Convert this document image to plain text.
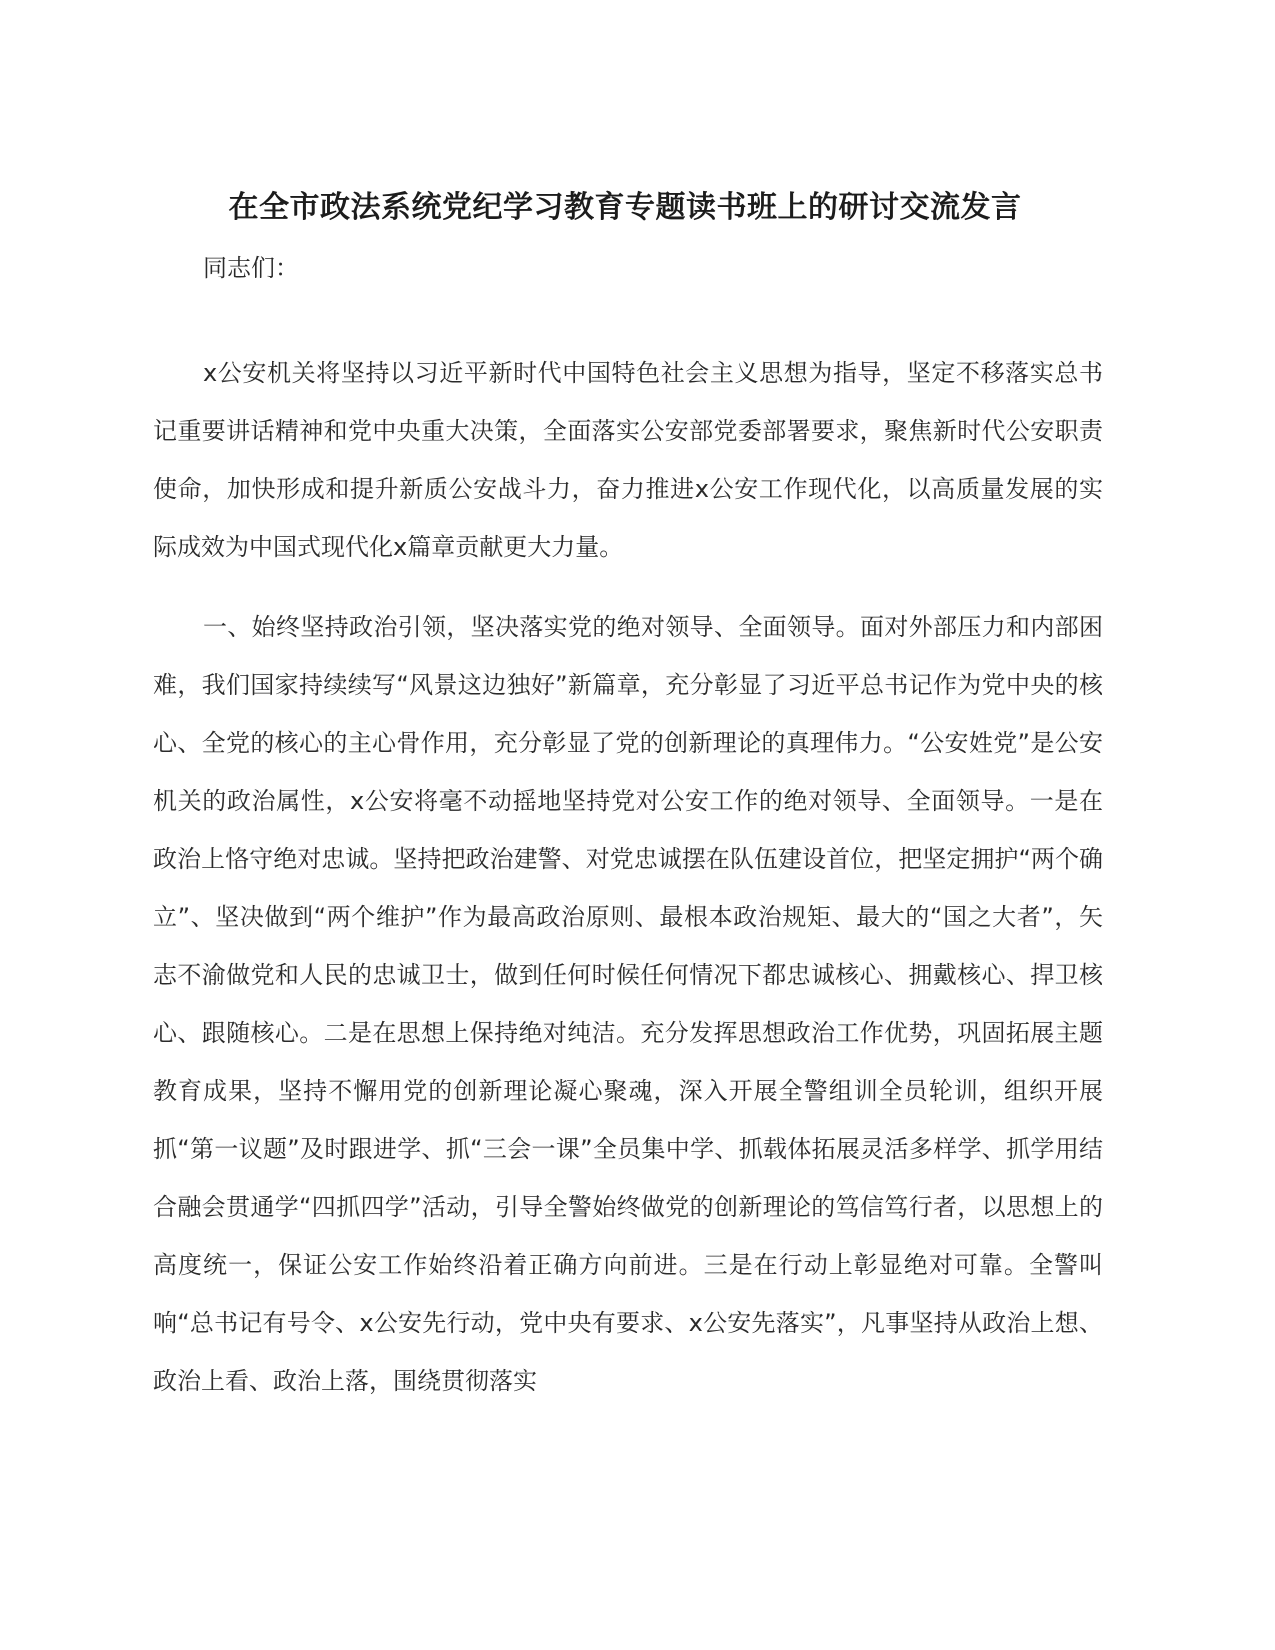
在全市政法系统党纪学习教育专题读书班上的研讨交流发言
同志们：

x公安机关将坚持以习近平新时代中国特色社会主义思想为指导，坚定不移落实总书记重要讲话精神和党中央重大决策，全面落实公安部党委部署要求，聚焦新时代公安职责使命，加快形成和提升新质公安战斗力，奋力推进x公安工作现代化，以高质量发展的实际成效为中国式现代化x篇章贡献更大力量。

一、始终坚持政治引领，坚决落实党的绝对领导、全面领导。面对外部压力和内部困难，我们国家持续续写“风景这边独好”新篇章，充分彰显了习近平总书记作为党中央的核心、全党的核心的主心骨作用，充分彰显了党的创新理论的真理伟力。“公安姓党”是公安机关的政治属性，x公安将毫不动摇地坚持党对公安工作的绝对领导、全面领导。一是在政治上恪守绝对忠诚。坚持把政治建警、对党忠诚摆在队伍建设首位，把坚定拥护“两个确立”、坚决做到“两个维护”作为最高政治原则、最根本政治规矩、最大的“国之大者”，矢志不渝做党和人民的忠诚卫士，做到任何时候任何情况下都忠诚核心、拥戴核心、捍卫核心、跟随核心。二是在思想上保持绝对纯洁。充分发挥思想政治工作优势，巩固拓展主题教育成果，坚持不懈用党的创新理论凝心聚魂，深入开展全警组训全员轮训，组织开展抓“第一议题”及时跟进学、抓“三会一课”全员集中学、抓载体拓展灵活多样学、抓学用结合融会贯通学“四抓四学”活动，引导全警始终做党的创新理论的笃信笃行者，以思想上的高度统一，保证公安工作始终沿着正确方向前进。三是在行动上彰显绝对可靠。全警叫响“总书记有号令、x公安先行动，党中央有要求、x公安先落实”，凡事坚持从政治上想、政治上看、政治上落，围绕贯彻落实
